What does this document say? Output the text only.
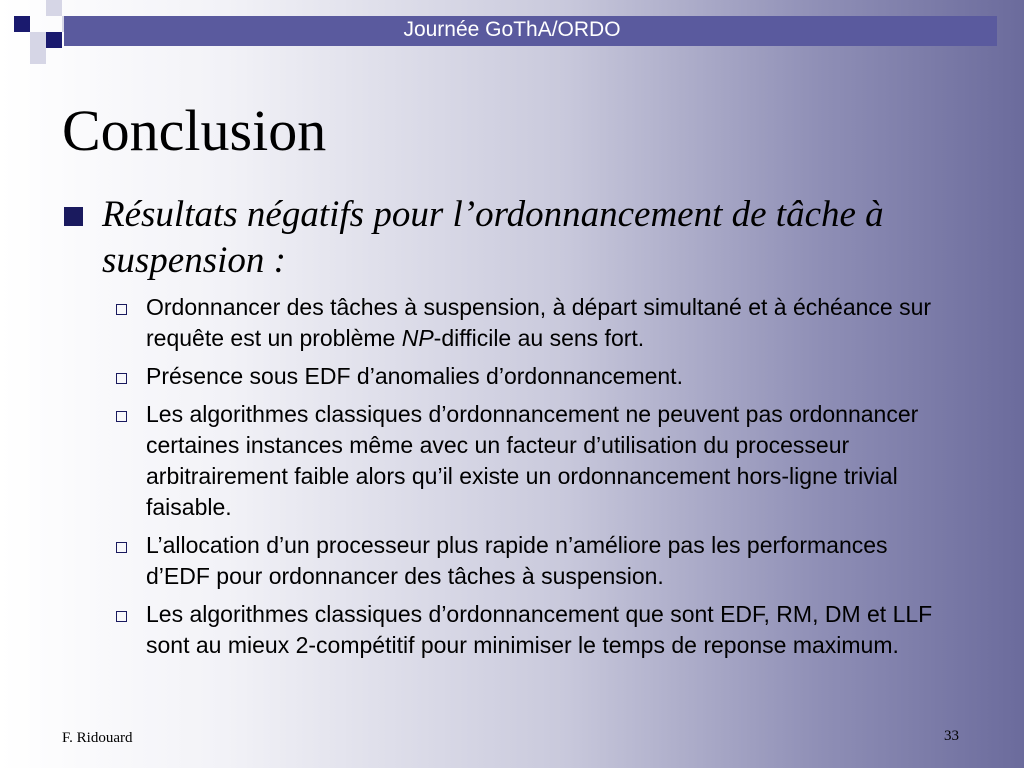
Journée GoThA/ORDO
Conclusion
Résultats négatifs pour l’ordonnancement de tâche à suspension :
Ordonnancer des tâches à suspension, à départ simultané et à échéance sur requête est un problème NP-difficile au sens fort.
Présence sous EDF d’anomalies d’ordonnancement.
Les algorithmes classiques d’ordonnancement ne peuvent pas ordonnancer certaines instances même avec un facteur d’utilisation du processeur arbitrairement faible alors qu’il existe un ordonnancement hors-ligne trivial faisable.
L’allocation d’un processeur plus rapide n’améliore pas les performances d’EDF pour ordonnancer des tâches à suspension.
Les algorithmes classiques d’ordonnancement que sont EDF, RM, DM et LLF sont au mieux 2-compétitif pour minimiser le temps de reponse maximum.
F. Ridouard	33
